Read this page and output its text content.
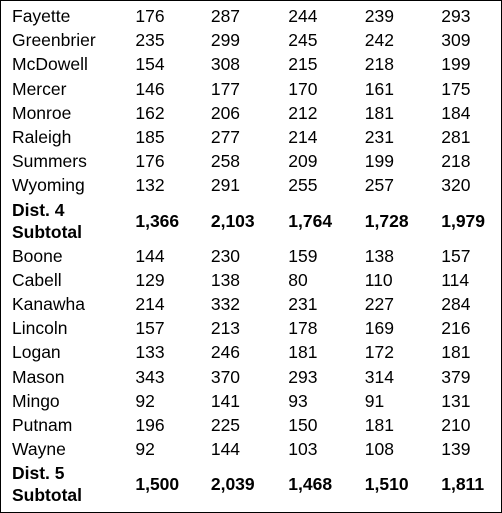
Fayette	176	287	244	239	293
Greenbrier	235	299	245	242	309
McDowell	154	308	215	218	199
Mercer	146	177	170	161	175
Monroe	162	206	212	181	184
Raleigh	185	277	214	231	281
Summers	176	258	209	199	218
Wyoming	132	291	255	257	320

Dist. 4
Subtotal	1,366	2,103	1,764	1,728	1,979
Boone	144	230	159	138	157
Cabell	129	138	80	110	114
Kanawha	214	332	231	227	284
Lincoln	157	213	178	169	216
Logan	133	246	181	172	181
Mason	343	370	293	314	379
Mingo	92	141	93	91	131
Putnam	196	225	150	181	210
Wayne	92	144	103	108	139

Dist. 5
Subtotal	1,500	2,039	1,468	1,510	1,811
